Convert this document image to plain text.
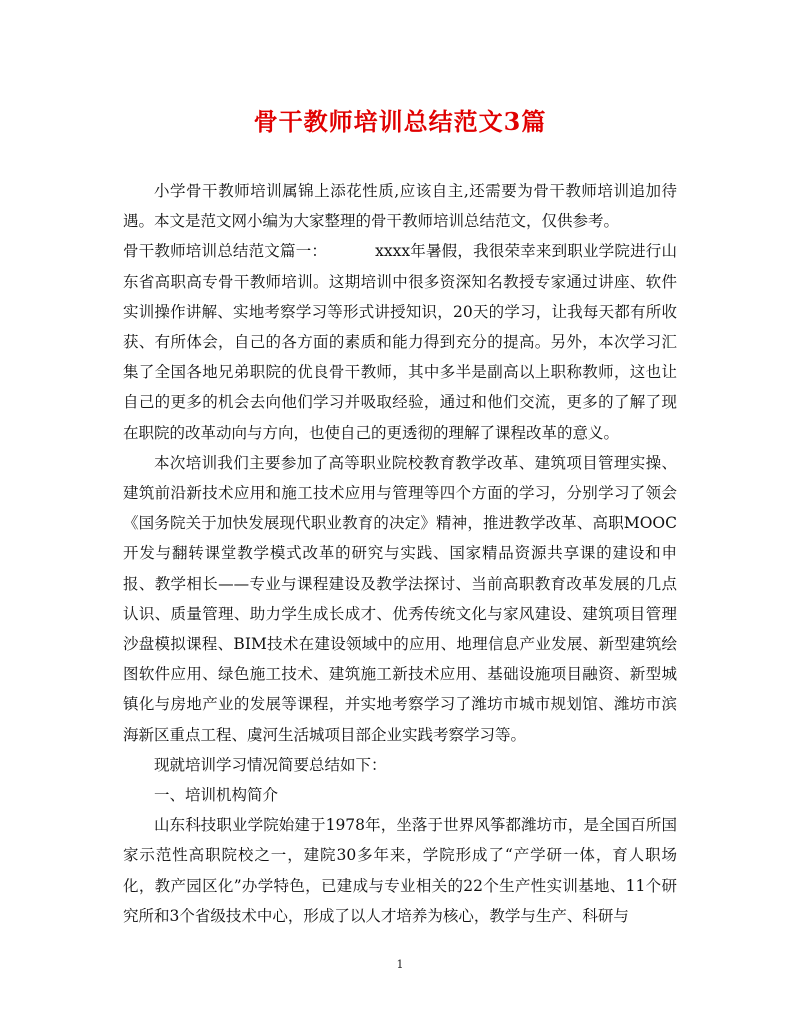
骨干教师培训总结范文3篇

小学骨干教师培训属锦上添花性质,应该自主,还需要为骨干教师培训追加待遇。本文是范文网小编为大家整理的骨干教师培训总结范文，仅供参考。

骨干教师培训总结范文篇一：	xxxx年暑假，我很荣幸来到职业学院进行山东省高职高专骨干教师培训。这期培训中很多资深知名教授专家通过讲座、软件实训操作讲解、实地考察学习等形式讲授知识，20天的学习，让我每天都有所收获、有所体会，自己的各方面的素质和能力得到充分的提高。另外，本次学习汇集了全国各地兄弟职院的优良骨干教师，其中多半是副高以上职称教师，这也让自己的更多的机会去向他们学习并吸取经验，通过和他们交流，更多的了解了现在职院的改革动向与方向，也使自己的更透彻的理解了课程改革的意义。

本次培训我们主要参加了高等职业院校教育教学改革、建筑项目管理实操、建筑前沿新技术应用和施工技术应用与管理等四个方面的学习，分别学习了领会《国务院关于加快发展现代职业教育的决定》精神，推进教学改革、高职MOOC开发与翻转课堂教学模式改革的研究与实践、国家精品资源共享课的建设和申报、教学相长——专业与课程建设及教学法探讨、当前高职教育改革发展的几点认识、质量管理、助力学生成长成才、优秀传统文化与家风建设、建筑项目管理沙盘模拟课程、BIM技术在建设领域中的应用、地理信息产业发展、新型建筑绘图软件应用、绿色施工技术、建筑施工新技术应用、基础设施项目融资、新型城镇化与房地产业的发展等课程，并实地考察学习了潍坊市城市规划馆、潍坊市滨海新区重点工程、虞河生活城项目部企业实践考察学习等。

现就培训学习情况简要总结如下：

一、培训机构简介

山东科技职业学院始建于1978年，坐落于世界风筝都潍坊市，是全国百所国家示范性高职院校之一，建院30多年来，学院形成了“产学研一体，育人职场化，教产园区化”办学特色，已建成与专业相关的22个生产性实训基地、11个研究所和3个省级技术中心，形成了以人才培养为核心，教学与生产、科研与

1
